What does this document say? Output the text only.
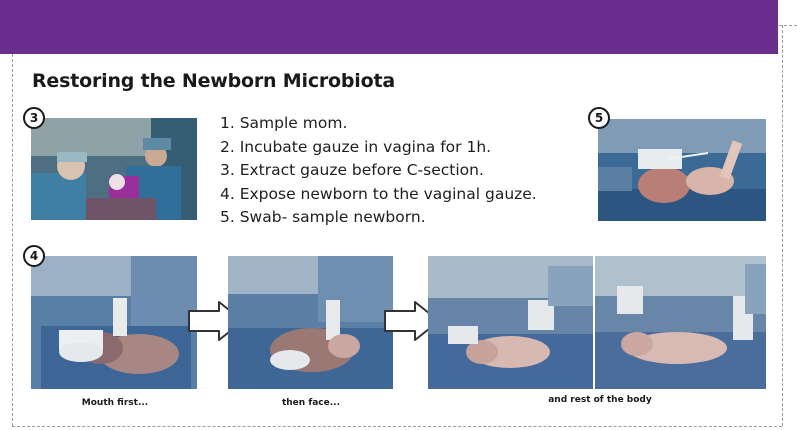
Restoring the Newborn Microbiota
1. Sample mom.
2. Incubate gauze in vagina for 1h.
3. Extract gauze before C-section.
4. Expose newborn to the vaginal gauze.
5. Swab- sample newborn.
3	5
4
Mouth first...	then face...	and rest of the body
